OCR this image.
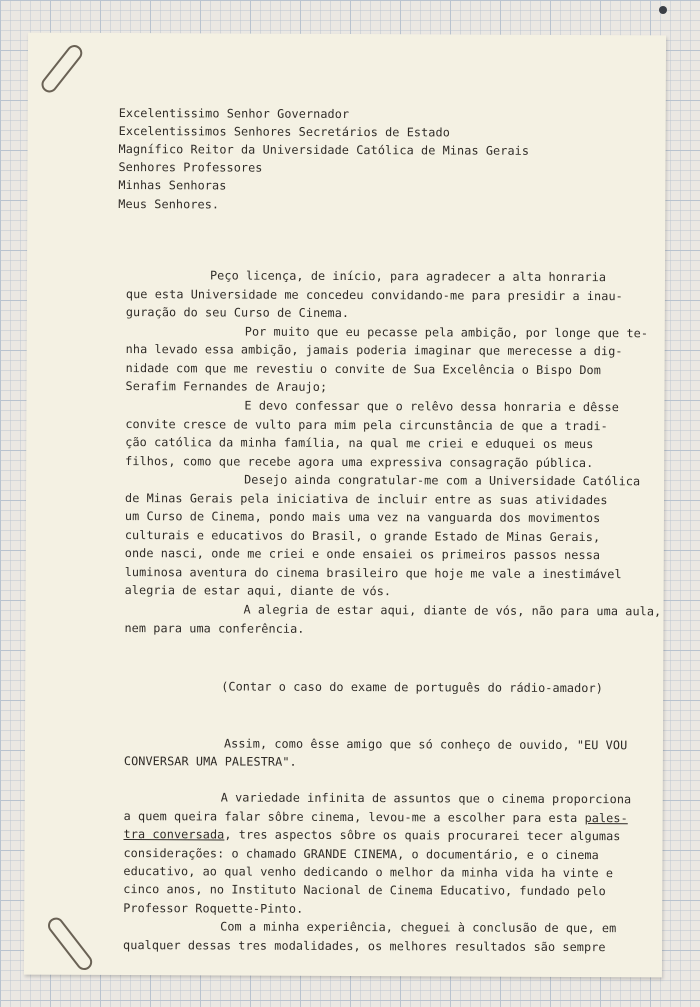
Excelentissimo Senhor Governador

Excelentissimos Senhores Secretários de Estado

Magnífico Reitor da Universidade Católica de Minas Gerais

Senhores Professores

Minhas Senhoras

Meus Senhores.

Peço licença, de início, para agradecer a alta honraria

que esta Universidade me concedeu convidando-me para presidir a inau-

guração do seu Curso de Cinema.

Por muito que eu pecasse pela ambição, por longe que te-

nha levado essa ambição, jamais poderia imaginar que merecesse a dig-

nidade com que me revestiu o convite de Sua Excelência o Bispo Dom

Serafim Fernandes de Araujo;

E devo confessar que o relêvo dessa honraria e dêsse

convite cresce de vulto para mim pela circunstância de que a tradi-

ção católica da minha família, na qual me criei e eduquei os meus

filhos, como que recebe agora uma expressiva consagração pública.

Desejo ainda congratular-me com a Universidade Católica

de Minas Gerais pela iniciativa de incluir entre as suas atividades

um Curso de Cinema, pondo mais uma vez na vanguarda dos movimentos

culturais e educativos do Brasil, o grande Estado de Minas Gerais,

onde nasci, onde me criei e onde ensaiei os primeiros passos nessa

luminosa aventura do cinema brasileiro que hoje me vale a inestimável

alegria de estar aqui, diante de vós.

A alegria de estar aqui, diante de vós, não para uma aula,

nem para uma conferência.

(Contar o caso do exame de português do rádio-amador)

Assim, como êsse amigo que só conheço de ouvido, "EU VOU

CONVERSAR UMA PALESTRA".

A variedade infinita de assuntos que o cinema proporciona

a quem queira falar sôbre cinema, levou-me a escolher para esta pales-

tra conversada, tres aspectos sôbre os quais procurarei tecer algumas

considerações: o chamado GRANDE CINEMA, o documentário, e o cinema

educativo, ao qual venho dedicando o melhor da minha vida ha vinte e

cinco anos, no Instituto Nacional de Cinema Educativo, fundado pelo

Professor Roquette-Pinto.

Com a minha experiência, cheguei à conclusão de que, em

qualquer dessas tres modalidades, os melhores resultados são sempre
